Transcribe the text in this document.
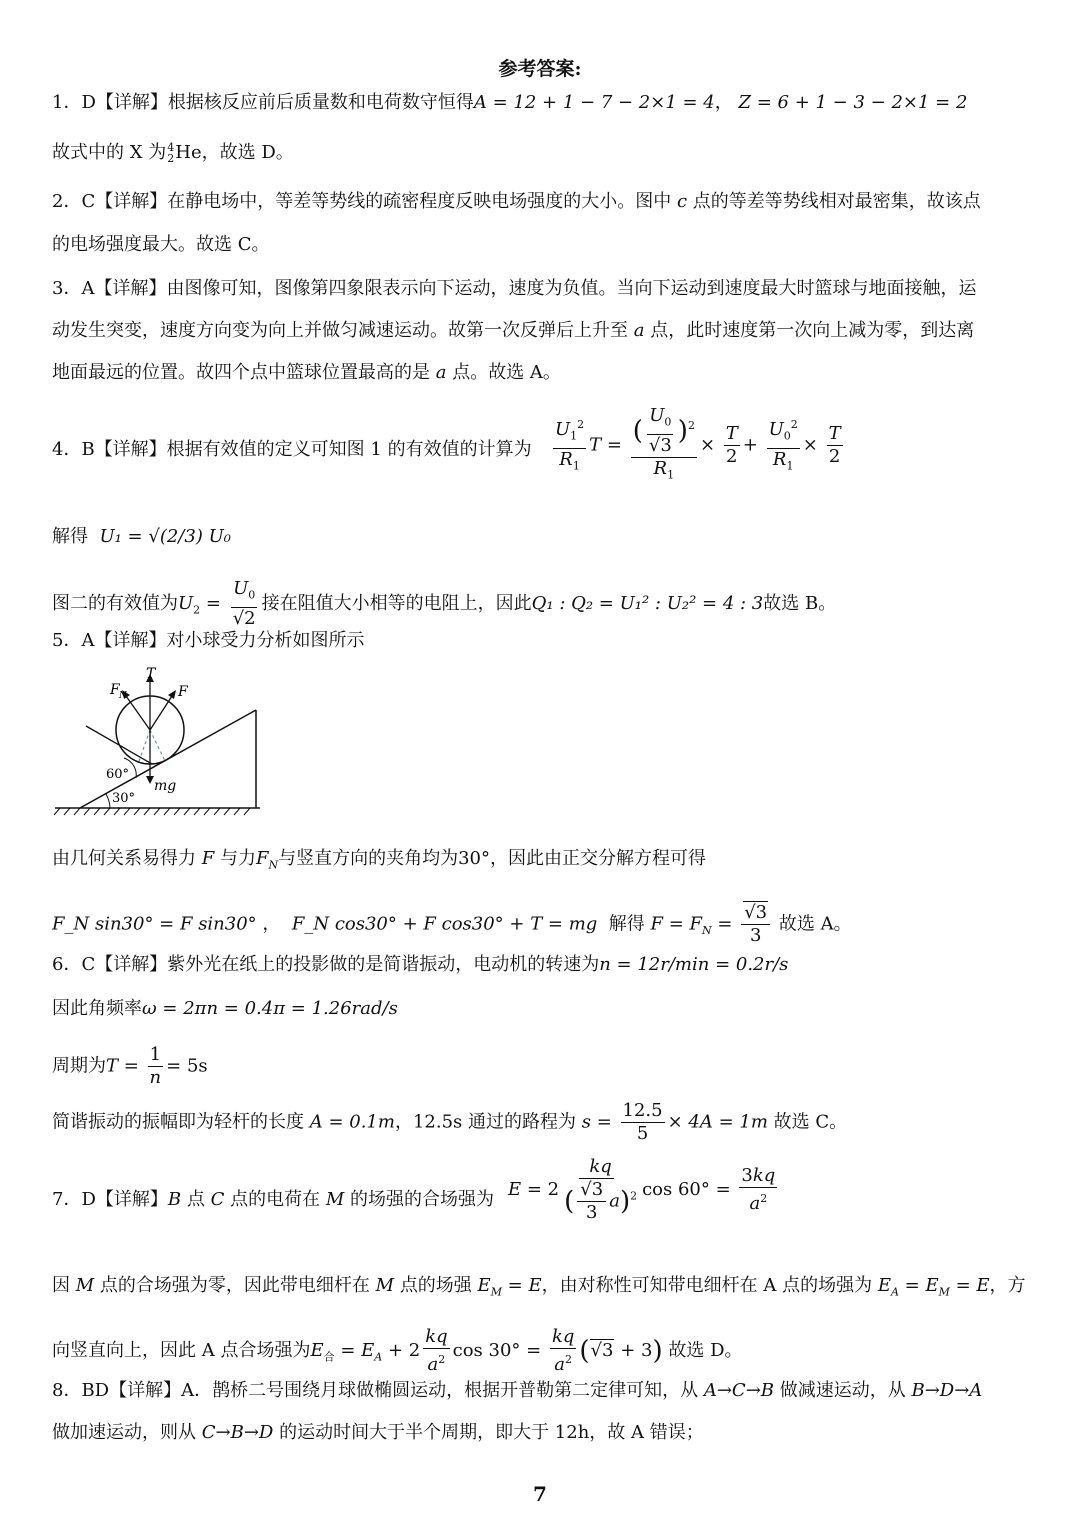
参考答案:
1．D【详解】根据核反应前后质量数和电荷数守恒得A = 12 + 1 − 7 − 2×1 = 4， Z = 6 + 1 − 3 − 2×1 = 2
故式中的 X 为 4
2 He，故选 D。
2．C【详解】在静电场中，等差等势线的疏密程度反映电场强度的大小。图中 c 点的等差等势线相对最密集，故该点
的电场强度最大。故选 C。
3．A【详解】由图像可知，图像第四象限表示向下运动，速度为负值。当向下运动到速度最大时篮球与地面接触，运
动发生突变，速度方向变为向上并做匀减速运动。故第一次反弹后上升至 a 点，此时速度第一次向上减为零，到达离
地面最远的位置。故四个点中篮球位置最高的是 a 点。故选 A。
4．B【详解】根据有效值的定义可知图 1 的有效值的计算为 $\frac{U_1^2}{R_1}$ $T = \frac{( \frac{U_0}{√3} )^2}{R_1} \times \frac{T}{2} + \frac{U_0^2}{R_1} \times \frac{T}{2}$
解得 U₁ = √(2/3) U₀
图二的有效值为$U_2 = \frac{U_0}{√2}$ 接在阻值大小相等的电阻上，因此Q₁ : Q₂ = U₁² : U₂² = 4 : 3故选 B。
5．A【详解】对小球受力分析如图所示
T
F
F N
mg
60°
30°
由几何关系易得力 F 与力$F_N$与竖直方向的夹角均为30°，因此由正交分解方程可得
F_N sin30° = F sin30° ，  F_N cos30° + F cos30° + T = mg 解得 $F = F_N = \frac{√3}{3}$ 故选 A。
6．C【详解】紫外光在纸上的投影做的是简谐振动，电动机的转速为n = 12r/min = 0.2r/s
因此角频率ω = 2πn = 0.4π = 1.26rad/s
周期为$T = \frac{1}{n} = 5s$
简谐振动的振幅即为轻杆的长度 A = 0.1m，12.5s 通过的路程为 $s = \frac{12.5}{5} \times 4A = 1m$ 故选 C。
7．D【详解】B 点 C 点的电荷在 M 的场强的合场强为 $E = 2 \frac{kq}{( \frac{√3}{3} a)^2}$ $\cos 60^\circ = \frac{3kq}{a^2}$
因 M 点的合场强为零，因此带电细杆在 M 点的场强 $E_M = E$，由对称性可知带电细杆在 A 点的场强为 $E_A = E_M = E$，方
向竖直向上，因此 A 点合场强为$E_合 = E_A + 2 \frac{kq}{a^2}$ $\cos 30^\circ = \frac{kq}{a^2} (√3 + 3)$ 故选 D。
8．BD【详解】A．鹊桥二号围绕月球做椭圆运动，根据开普勒第二定律可知，从 A→C→B 做减速运动，从 B→D→A
做加速运动，则从 C→B→D 的运动时间大于半个周期，即大于 12h，故 A 错误；
7
